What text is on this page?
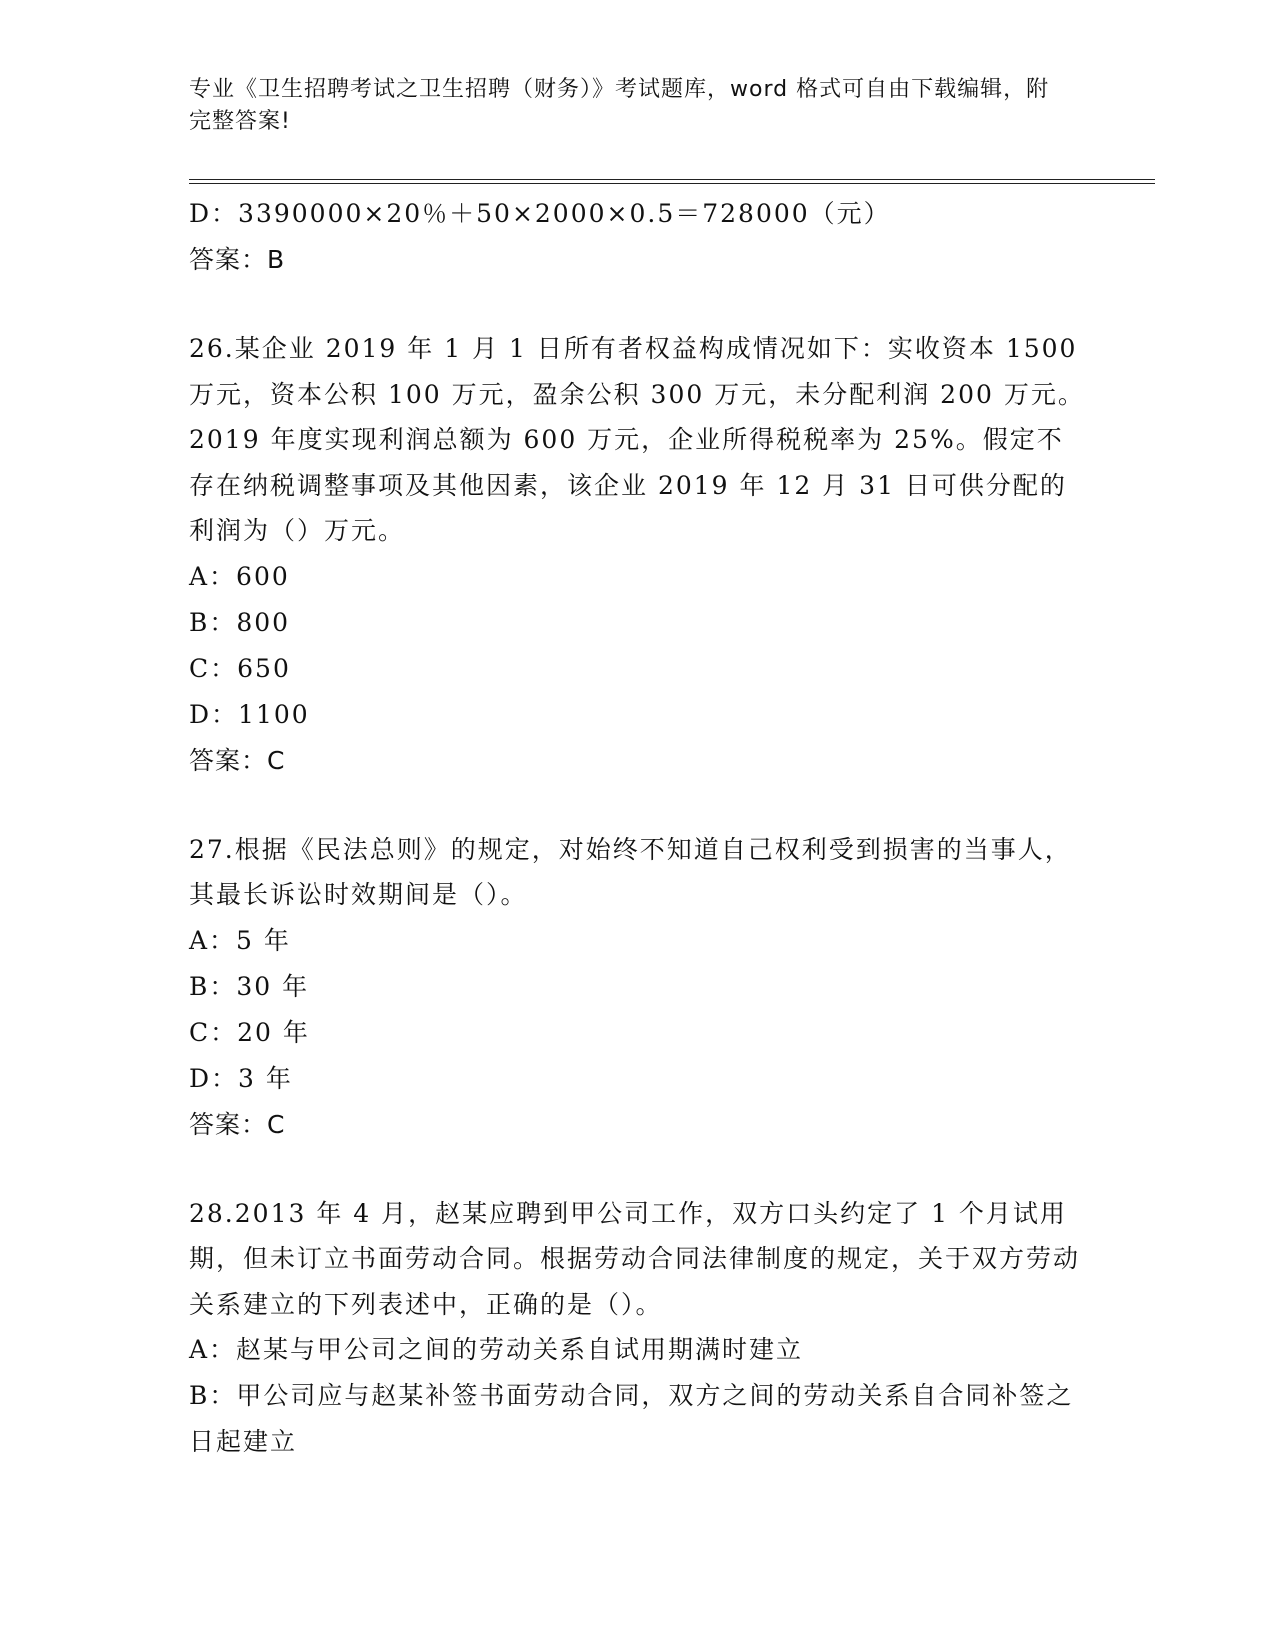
专业《卫生招聘考试之卫生招聘（财务）》考试题库，word 格式可自由下载编辑，附完整答案!
D：3390000×20％＋50×2000×0.5＝728000（元）
答案：B

26.某企业 2019 年 1 月 1 日所有者权益构成情况如下：实收资本 1500 万元，资本公积 100 万元，盈余公积 300 万元，未分配利润 200 万元。2019 年度实现利润总额为 600 万元，企业所得税税率为 25%。假定不存在纳税调整事项及其他因素，该企业 2019 年 12 月 31 日可供分配的利润为（）万元。

A：600
B：800
C：650
D：1100
答案：C

27.根据《民法总则》的规定，对始终不知道自己权利受到损害的当事人，其最长诉讼时效期间是（）。

A：5 年
B：30 年
C：20 年
D：3 年
答案：C

28.2013 年 4 月，赵某应聘到甲公司工作，双方口头约定了 1 个月试用期，但未订立书面劳动合同。根据劳动合同法律制度的规定，关于双方劳动关系建立的下列表述中，正确的是（）。

A：赵某与甲公司之间的劳动关系自试用期满时建立

B：甲公司应与赵某补签书面劳动合同，双方之间的劳动关系自合同补签之日起建立
